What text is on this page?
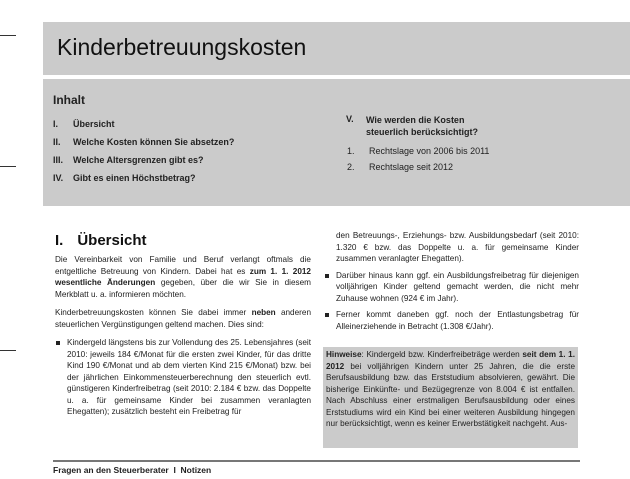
Kinderbetreuungskosten
Inhalt
I. Übersicht
II. Welche Kosten können Sie absetzen?
III. Welche Altersgrenzen gibt es?
IV. Gibt es einen Höchstbetrag?
V. Wie werden die Kosten
steuerlich berücksichtigt?
1. Rechtslage von 2006 bis 2011
2. Rechtslage seit 2012
I. Übersicht

Die Vereinbarkeit von Familie und Beruf verlangt oftmals die entgeltliche Betreuung von Kindern. Dabei hat es zum 1. 1. 2012 wesentliche Änderungen gegeben, über die wir Sie in diesem Merkblatt u. a. informieren möchten.

Kinderbetreuungskosten können Sie dabei immer neben anderen steuerlichen Vergünstigungen geltend machen. Dies sind:

Kindergeld längstens bis zur Vollendung des 25. Lebensjahres (seit 2010: jeweils 184 €/Monat für die ersten zwei Kinder, für das dritte Kind 190 €/Monat und ab dem vierten Kind 215 €/Monat) bzw. bei der jährlichen Einkommensteuerberechnung den steuerlich evtl. günstigeren Kinderfreibetrag (seit 2010: 2.184 € bzw. das Doppelte u. a. für gemeinsame Kinder bei zusammen veranlagten Ehegatten); zusätzlich besteht ein Freibetrag für

den Betreuungs-, Erziehungs- bzw. Ausbildungsbedarf (seit 2010: 1.320 € bzw. das Doppelte u. a. für gemeinsame Kinder zusammen veranlagter Ehegatten).

Darüber hinaus kann ggf. ein Ausbildungsfreibetrag für diejenigen volljährigen Kinder geltend gemacht werden, die nicht mehr Zuhause wohnen (924 € im Jahr).

Ferner kommt daneben ggf. noch der Entlastungsbetrag für Alleinerziehende in Betracht (1.308 €/Jahr).

Hinweise: Kindergeld bzw. Kinderfreibeträge werden seit dem 1. 1. 2012 bei volljährigen Kindern unter 25 Jahren, die die erste Berufsausbildung bzw. das Erststudium absolvieren, gewährt. Die bisherige Einkünfte- und Bezügegrenze von 8.004 € ist entfallen. Nach Abschluss einer erstmaligen Berufsausbildung oder eines Erststudiums wird ein Kind bei einer weiteren Ausbildung hingegen nur berücksichtigt, wenn es keiner Erwerbstätigkeit nachgeht. Aus-
Fragen an den Steuerberater  I  Notizen
